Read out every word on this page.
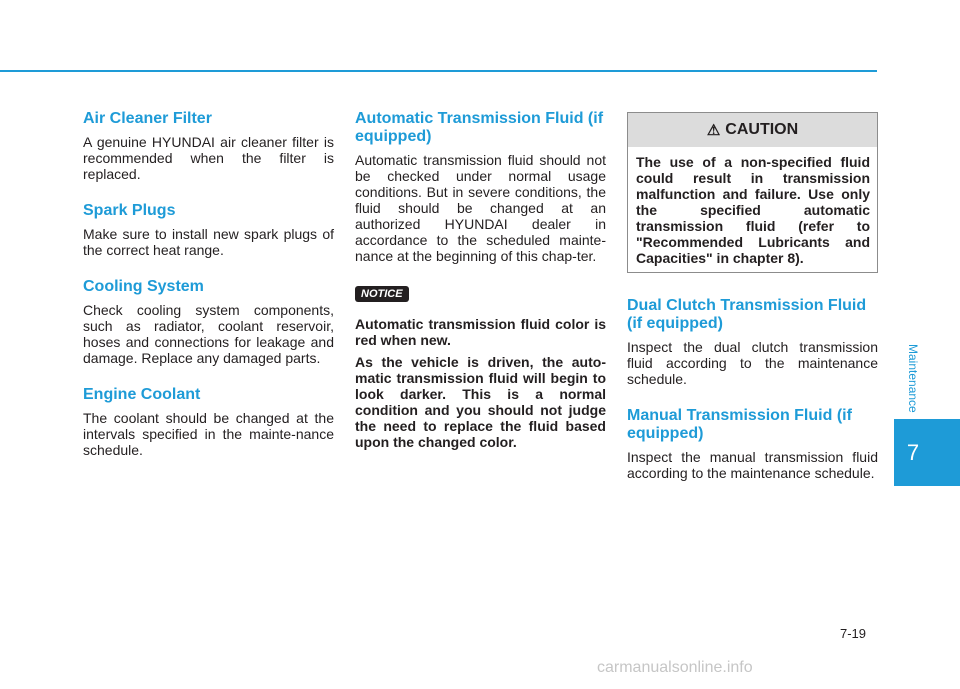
Air Cleaner Filter

A genuine HYUNDAI air cleaner filter is recommended when the filter is replaced.

Spark Plugs

Make sure to install new spark plugs of the correct heat range.

Cooling System

Check cooling system components, such as radiator, coolant reservoir, hoses and connections for leakage and damage. Replace any damaged parts.

Engine Coolant

The coolant should be changed at the intervals specified in the mainte-nance schedule.

Automatic Transmission Fluid (if equipped)

Automatic transmission fluid should not be checked under normal usage conditions. But in severe conditions, the fluid should be changed at an authorized HYUNDAI dealer in accordance to the scheduled mainte-nance at the beginning of this chap-ter.

NOTICE

Automatic transmission fluid color is red when new.

As the vehicle is driven, the auto-matic transmission fluid will begin to look darker. This is a normal condition and you should not judge the need to replace the fluid based upon the changed color.

⚠ CAUTION
The use of a non-specified fluid could result in transmission malfunction and failure. Use only the specified automatic transmission fluid (refer to "Recommended Lubricants and Capacities" in chapter 8).
Dual Clutch Transmission Fluid (if equipped)

Inspect the dual clutch transmission fluid according to the maintenance schedule.

Manual Transmission Fluid (if equipped)

Inspect the manual transmission fluid according to the maintenance schedule.

Maintenance
7
7-19
carmanualsonline.info
